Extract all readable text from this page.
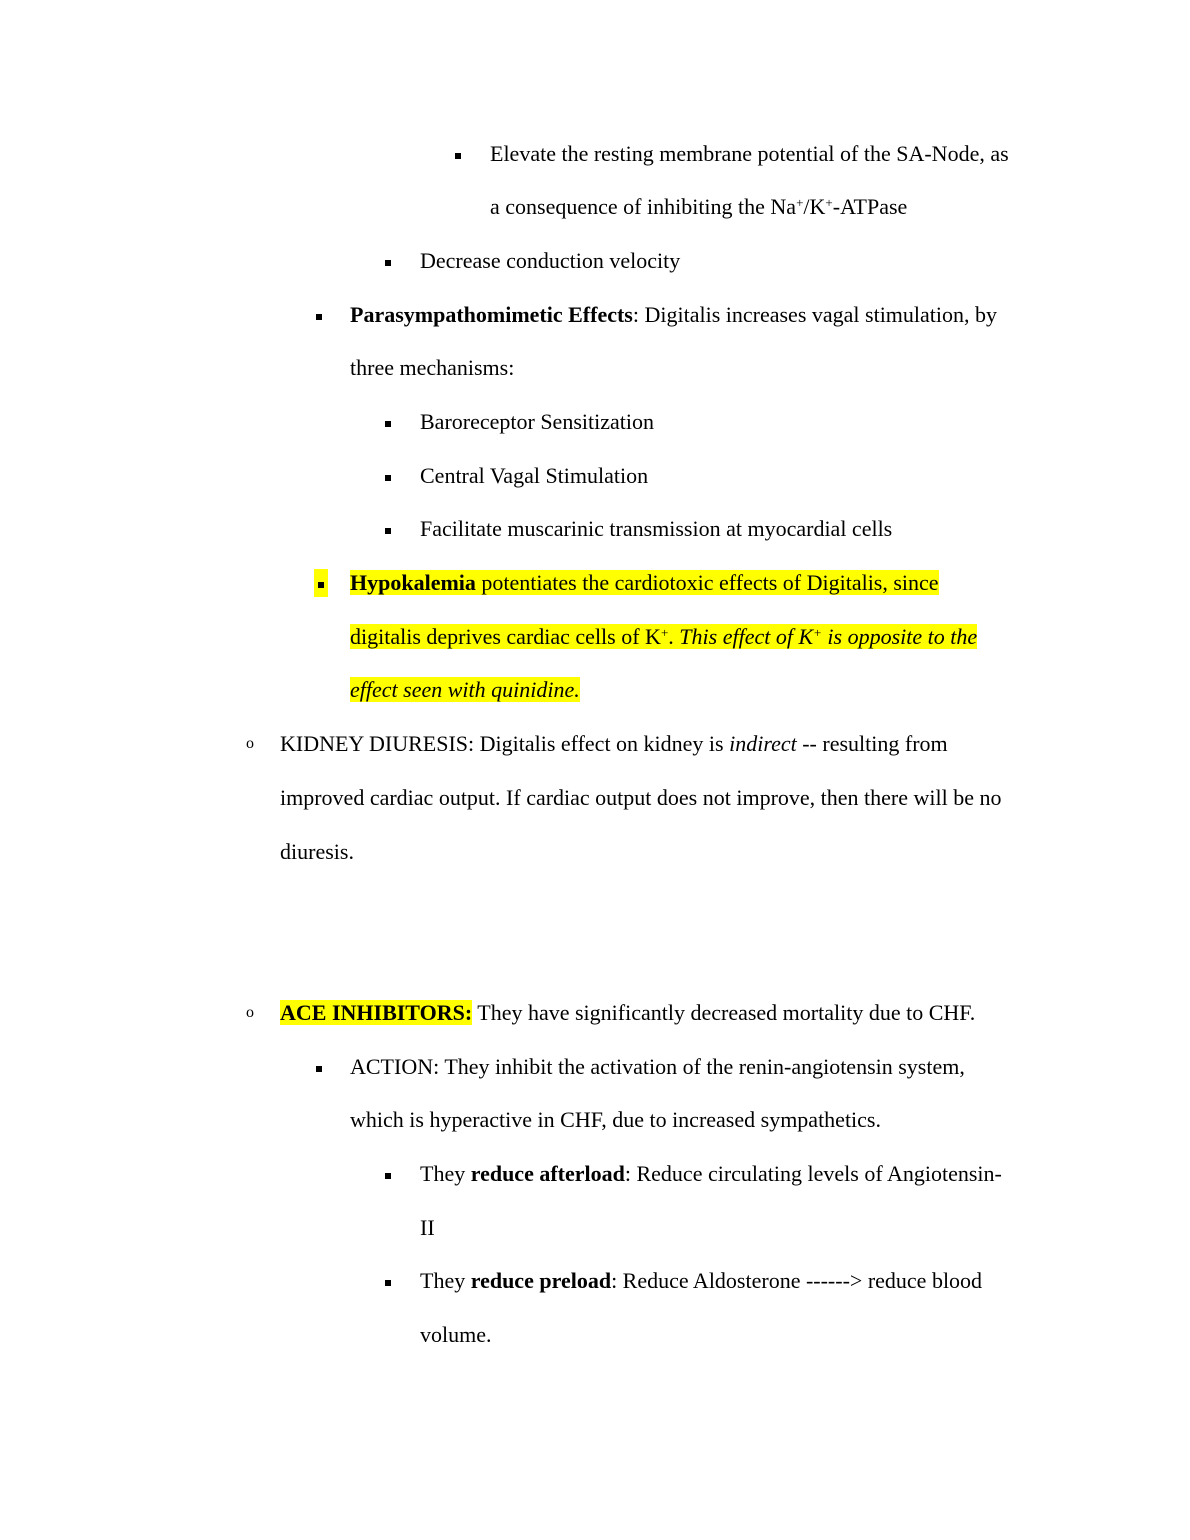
Elevate the resting membrane potential of the SA-Node, as
a consequence of inhibiting the Na+/K+-ATPase
Decrease conduction velocity
Parasympathomimetic Effects: Digitalis increases vagal stimulation, by
three mechanisms:
Baroreceptor Sensitization
Central Vagal Stimulation
Facilitate muscarinic transmission at myocardial cells
Hypokalemia potentiates the cardiotoxic effects of Digitalis, since
digitalis deprives cardiac cells of K+. This effect of K+ is opposite to the
effect seen with quinidine.
o	KIDNEY DIURESIS: Digitalis effect on kidney is indirect -- resulting from
improved cardiac output. If cardiac output does not improve, then there will be no
diuresis.
o	ACE INHIBITORS: They have significantly decreased mortality due to CHF.
ACTION: They inhibit the activation of the renin-angiotensin system,
which is hyperactive in CHF, due to increased sympathetics.
They reduce afterload: Reduce circulating levels of Angiotensin-
II
They reduce preload: Reduce Aldosterone ------> reduce blood
volume.
